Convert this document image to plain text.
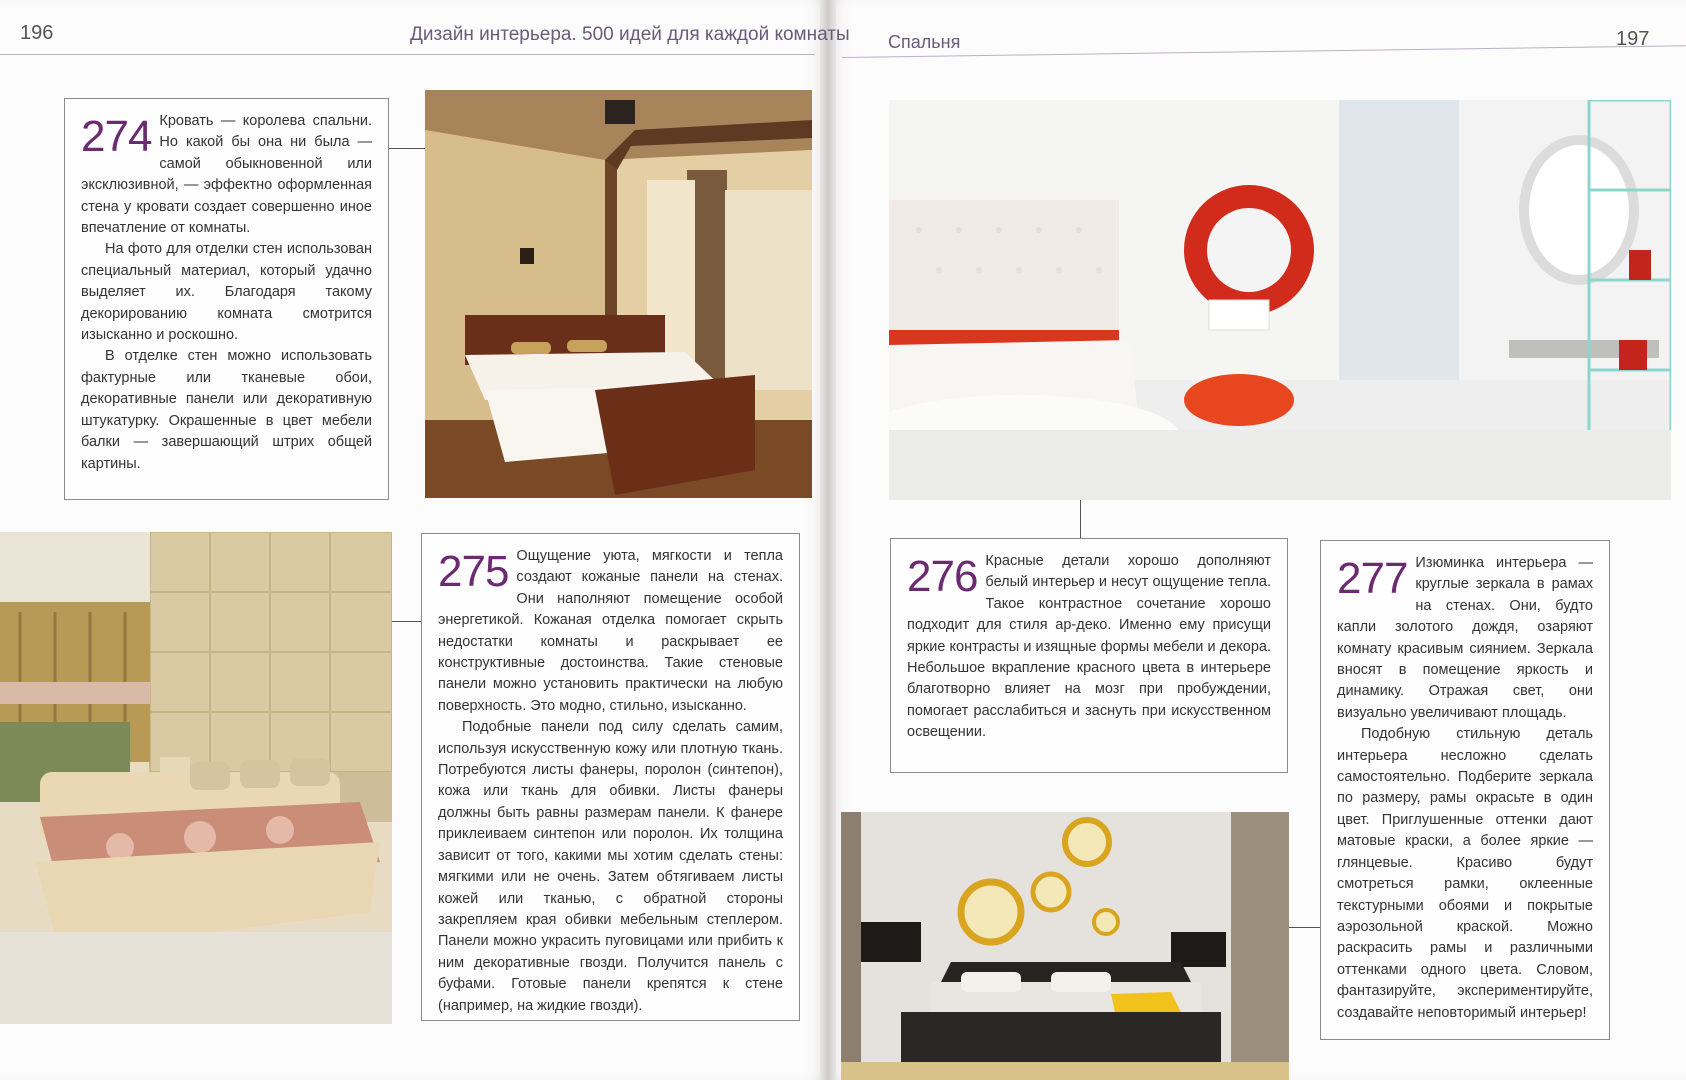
196	Дизайн интерьера. 500 идей для каждой комнаты Спальня	197
274 Кровать — королева спальни. Но какой бы она ни была — самой обыкновенной или эксклюзивной, — эффектно оформленная стена у кровати создает совершенно иное впечатление от комнаты.

На фото для отделки стен использован специальный материал, который удачно выделяет их. Благодаря такому декорированию комната смотрится изысканно и роскошно.

В отделке стен можно использовать фактурные или тканевые обои, декоративные панели или декоративную штукатурку. Окрашенные в цвет мебели балки — завершающий штрих общей картины.

275 Ощущение уюта, мягкости и тепла создают кожаные панели на стенах. Они наполняют помещение особой энергетикой. Кожаная отделка помогает скрыть недостатки комнаты и раскрывает ее конструктивные достоинства. Такие стеновые панели можно установить практически на любую поверхность. Это модно, стильно, изысканно.

Подобные панели под силу сделать самим, используя искусственную кожу или плотную ткань. Потребуются листы фанеры, поролон (синтепон), кожа или ткань для обивки. Листы фанеры должны быть равны размерам панели. К фанере приклеиваем синтепон или поролон. Их толщина зависит от того, какими мы хотим сделать стены: мягкими или не очень. Затем обтягиваем листы кожей или тканью, с обратной стороны закрепляем края обивки мебельным степлером. Панели можно украсить пуговицами или прибить к ним декоративные гвозди. Получится панель с буфами. Готовые панели крепятся к стене (например, на жидкие гвозди).

276 Красные детали хорошо дополняют белый интерьер и несут ощущение тепла. Такое контрастное сочетание хорошо подходит для стиля ар-деко. Именно ему присущи яркие контрасты и изящные формы мебели и декора. Небольшое вкрапление красного цвета в интерьере благотворно влияет на мозг при пробуждении, помогает расслабиться и заснуть при искусственном освещении.

277 Изюминка интерьера — круглые зеркала в рамах на стенах. Они, будто капли золотого дождя, озаряют комнату красивым сиянием. Зеркала вносят в помещение яркость и динамику. Отражая свет, они визуально увеличивают площадь.

Подобную стильную деталь интерьера несложно сделать самостоятельно. Подберите зеркала по размеру, рамы окрасьте в один цвет. Приглушенные оттенки дают матовые краски, а более яркие — глянцевые. Красиво будут смотреться рамки, оклеенные текстурными обоями и покрытые аэрозольной краской. Можно раскрасить рамы и различными оттенками одного цвета. Словом, фантазируйте, экспериментируйте, создавайте неповторимый интерьер!
